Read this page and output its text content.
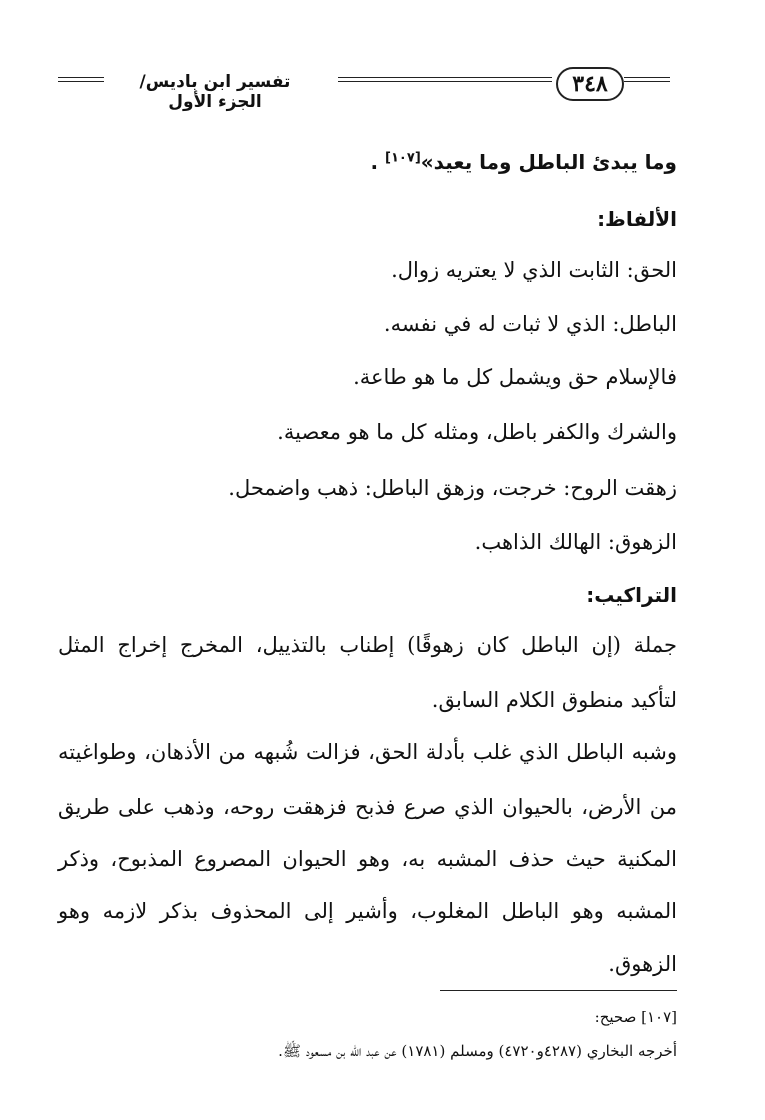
تفسير ابن باديس/ الجزء الأول
٣٤٨
وما يبدئ الباطل وما يعيد»[١٠٧] .
الألفاظ:
الحق: الثابت الذي لا يعتريه زوال.
الباطل: الذي لا ثبات له في نفسه.
فالإسلام حق ويشمل كل ما هو طاعة.
والشرك والكفر باطل، ومثله كل ما هو معصية.
زهقت الروح: خرجت، وزهق الباطل: ذهب واضمحل.
الزهوق: الهالك الذاهب.
التراكيب:
جملة (إن الباطل كان زهوقًا) إطناب بالتذييل، المخرج إخراج المثل
لتأكيد منطوق الكلام السابق.
وشبه الباطل الذي غلب بأدلة الحق، فزالت شُبهه من الأذهان، وطواغيته
من الأرض، بالحيوان الذي صرع فذبح فزهقت روحه، وذهب على طريق
المكنية حيث حذف المشبه به، وهو الحيوان المصروع المذبوح، وذكر
المشبه وهو الباطل المغلوب، وأشير إلى المحذوف بذكر لازمه وهو
الزهوق.
[١٠٧] صحيح:
أخرجه البخاري (٤٢٨٧و٤٧٢٠) ومسلم (١٧٨١) عن عبد الله بن مسعود ﷺ.
